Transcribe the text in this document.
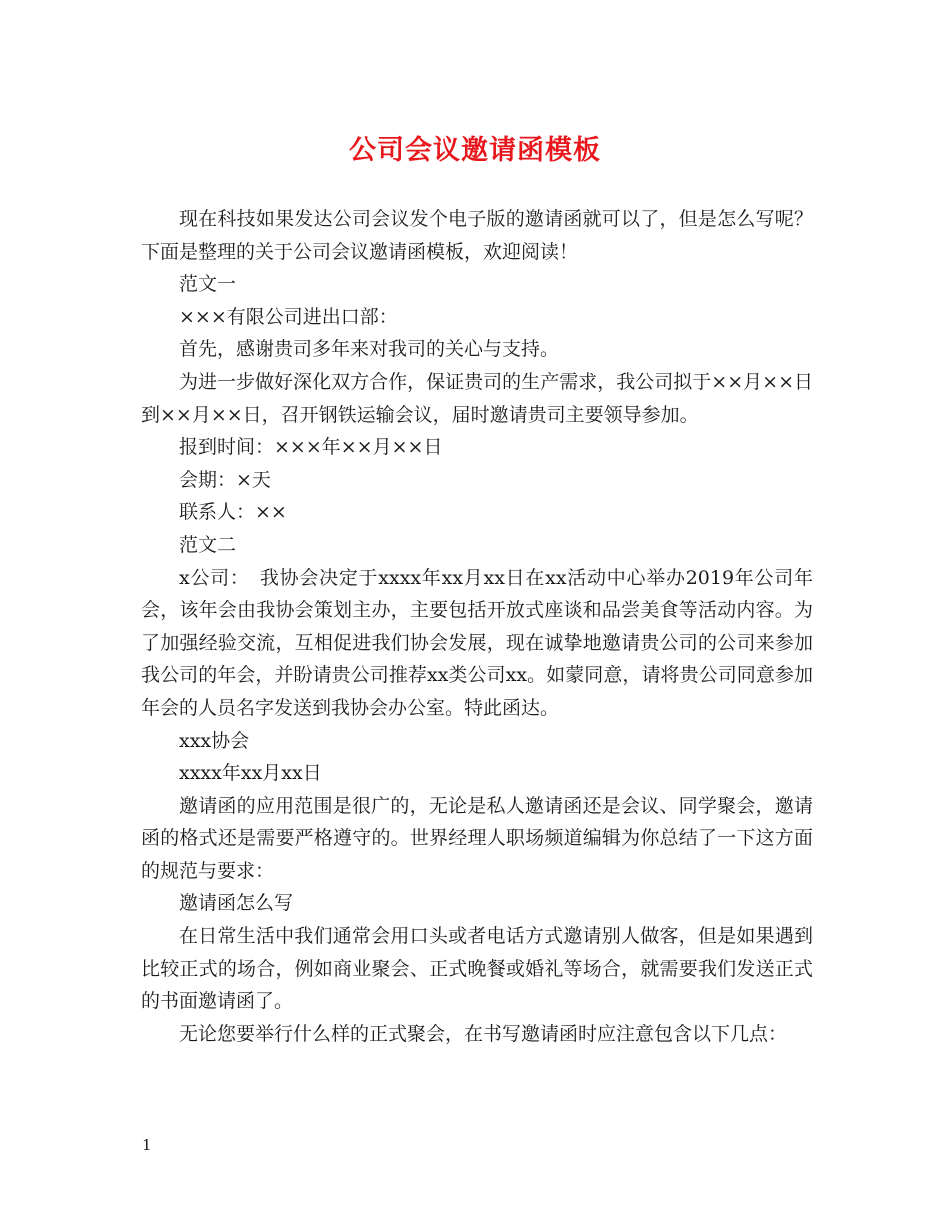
公司会议邀请函模板

现在科技如果发达公司会议发个电子版的邀请函就可以了，但是怎么写呢？下面是整理的关于公司会议邀请函模板，欢迎阅读！

范文一

×××有限公司进出口部：

首先，感谢贵司多年来对我司的关心与支持。

为进一步做好深化双方合作，保证贵司的生产需求，我公司拟于××月××日到××月××日，召开钢铁运输会议，届时邀请贵司主要领导参加。

报到时间：×××年××月××日

会期：×天

联系人：××

范文二

x公司：　我协会决定于xxxx年xx月xx日在xx活动中心举办2019年公司年会，该年会由我协会策划主办，主要包括开放式座谈和品尝美食等活动内容。为了加强经验交流，互相促进我们协会发展，现在诚挚地邀请贵公司的公司来参加我公司的年会，并盼请贵公司推荐xx类公司xx。如蒙同意，请将贵公司同意参加年会的人员名字发送到我协会办公室。特此函达。

xxx协会

xxxx年xx月xx日

邀请函的应用范围是很广的，无论是私人邀请函还是会议、同学聚会，邀请函的格式还是需要严格遵守的。世界经理人职场频道编辑为你总结了一下这方面的规范与要求：

邀请函怎么写

在日常生活中我们通常会用口头或者电话方式邀请别人做客，但是如果遇到比较正式的场合，例如商业聚会、正式晚餐或婚礼等场合，就需要我们发送正式的书面邀请函了。

无论您要举行什么样的正式聚会，在书写邀请函时应注意包含以下几点：

1
